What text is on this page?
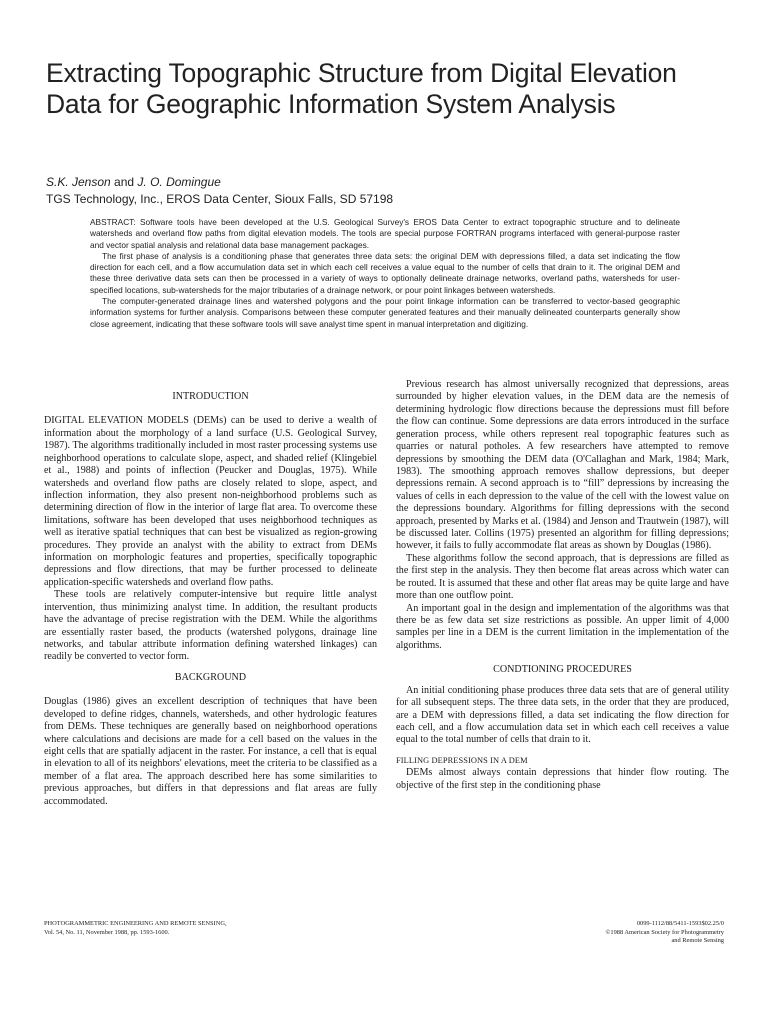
Extracting Topographic Structure from Digital Elevation Data for Geographic Information System Analysis
S.K. Jenson and J. O. Domingue
TGS Technology, Inc., EROS Data Center, Sioux Falls, SD 57198

ABSTRACT: Software tools have been developed at the U.S. Geological Survey's EROS Data Center to extract topographic structure and to delineate watersheds and overland flow paths from digital elevation models. The tools are special purpose FORTRAN programs interfaced with general-purpose raster and vector spatial analysis and relational data base management packages.

The first phase of analysis is a conditioning phase that generates three data sets: the original DEM with depressions filled, a data set indicating the flow direction for each cell, and a flow accumulation data set in which each cell receives a value equal to the number of cells that drain to it. The original DEM and these three derivative data sets can then be processed in a variety of ways to optionally delineate drainage networks, overland paths, watersheds for user-specified locations, sub-watersheds for the major tributaries of a drainage network, or pour point linkages between watersheds.

The computer-generated drainage lines and watershed polygons and the pour point linkage information can be transferred to vector-based geographic information systems for further analysis. Comparisons between these computer generated features and their manually delineated counterparts generally show close agreement, indicating that these software tools will save analyst time spent in manual interpretation and digitizing.

INTRODUCTION

DIGITAL ELEVATION MODELS (DEMs) can be used to derive a wealth of information about the morphology of a land surface (U.S. Geological Survey, 1987). The algorithms traditionally included in most raster processing systems use neighborhood operations to calculate slope, aspect, and shaded relief (Klingebiel et al., 1988) and points of inflection (Peucker and Douglas, 1975). While watersheds and overland flow paths are closely related to slope, aspect, and inflection information, they also present non-neighborhood problems such as determining direction of flow in the interior of large flat area. To overcome these limitations, software has been developed that uses neighborhood techniques as well as iterative spatial techniques that can best be visualized as region-growing procedures. They provide an analyst with the ability to extract from DEMs information on morphologic features and properties, specifically topographic depressions and flow directions, that may be further processed to delineate application-specific watersheds and overland flow paths.

These tools are relatively computer-intensive but require little analyst intervention, thus minimizing analyst time. In addition, the resultant products have the advantage of precise registration with the DEM. While the algorithms are essentially raster based, the products (watershed polygons, drainage line networks, and tabular attribute information defining watershed linkages) can readily be converted to vector form.

BACKGROUND

Douglas (1986) gives an excellent description of techniques that have been developed to define ridges, channels, watersheds, and other hydrologic features from DEMs. These techniques are generally based on neighborhood operations where calculations and decisions are made for a cell based on the values in the eight cells that are spatially adjacent in the raster. For instance, a cell that is equal in elevation to all of its neighbors' elevations, meet the criteria to be classified as a member of a flat area. The approach described here has some similarities to previous approaches, but differs in that depressions and flat areas are fully accommodated.

Previous research has almost universally recognized that depressions, areas surrounded by higher elevation values, in the DEM data are the nemesis of determining hydrologic flow directions because the depressions must fill before the flow can continue. Some depressions are data errors introduced in the surface generation process, while others represent real topographic features such as quarries or natural potholes. A few researchers have attempted to remove depressions by smoothing the DEM data (O'Callaghan and Mark, 1984; Mark, 1983). The smoothing approach removes shallow depressions, but deeper depressions remain. A second approach is to “fill” depressions by increasing the values of cells in each depression to the value of the cell with the lowest value on the depressions boundary. Algorithms for filling depressions with the second approach, presented by Marks et al. (1984) and Jenson and Trautwein (1987), will be discussed later. Collins (1975) presented an algorithm for filling depressions; however, it fails to fully accommodate flat areas as shown by Douglas (1986).

These algorithms follow the second approach, that is depressions are filled as the first step in the analysis. They then become flat areas across which water can be routed. It is assumed that these and other flat areas may be quite large and have more than one outflow point.

An important goal in the design and implementation of the algorithms was that there be as few data set size restrictions as possible. An upper limit of 4,000 samples per line in a DEM is the current limitation in the implementation of the algorithms.

CONDTIONING PROCEDURES

An initial conditioning phase produces three data sets that are of general utility for all subsequent steps. The three data sets, in the order that they are produced, are a DEM with depressions filled, a data set indicating the flow direction for each cell, and a flow accumulation data set in which each cell receives a value equal to the total number of cells that drain to it.

FILLING DEPRESSIONS IN A DEM

DEMs almost always contain depressions that hinder flow routing. The objective of the first step in the conditioning phase

PHOTOGRAMMETRIC ENGINEERING AND REMOTE SENSING,
Vol. 54, No. 11, November 1988, pp. 1593-1600.
0099-1112/88/5411-1593$02.25/0
©1988 American Society for Photogrammetry
and Remote Sensing
